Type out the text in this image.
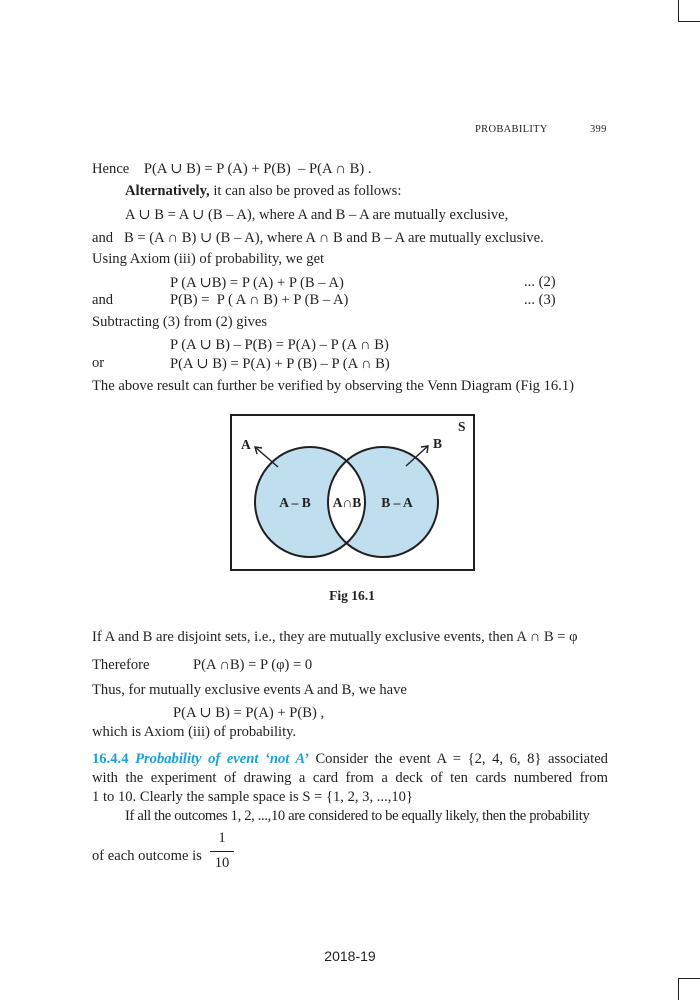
PROBABILITY	399
Hence    P(A ∪ B) = P (A) + P(B)  – P(A ∩ B) .
Alternatively, it can also be proved as follows:
A ∪ B = A ∪ (B – A), where A and B – A are mutually exclusive,
and   B = (A ∩ B) ∪ (B – A), where A ∩ B and B – A are mutually exclusive.
Using Axiom (iii) of probability, we get
P (A ∪B) = P (A) + P (B – A)	... (2)
and	P(B) =  P ( A ∩ B) + P (B – A)	... (3)
Subtracting (3) from (2) gives
P (A ∪ B) – P(B) = P(A) – P (A ∩ B)
or	P(A ∪ B) = P(A) + P (B) – P (A ∩ B)
The above result can further be verified by observing the Venn Diagram (Fig 16.1)
S
A	B
A – B A∩B B – A
Fig 16.1
If A and B are disjoint sets, i.e., they are mutually exclusive events, then A ∩ B = φ
Therefore	P(A ∩B) = P (φ) = 0
Thus, for mutually exclusive events A and B, we have
P(A ∪ B) = P(A) + P(B) ,
which is Axiom (iii) of probability.
16.4.4 Probability of event ‘not A’ Consider the event A = {2, 4, 6, 8} associated
with the experiment of drawing a card from a deck of ten cards numbered from
1 to 10. Clearly the sample space is S = {1, 2, 3, ...,10}
If all the outcomes 1, 2, ...,10 are considered to be equally likely, then the probability
of each outcome is
1
10
2018-19
